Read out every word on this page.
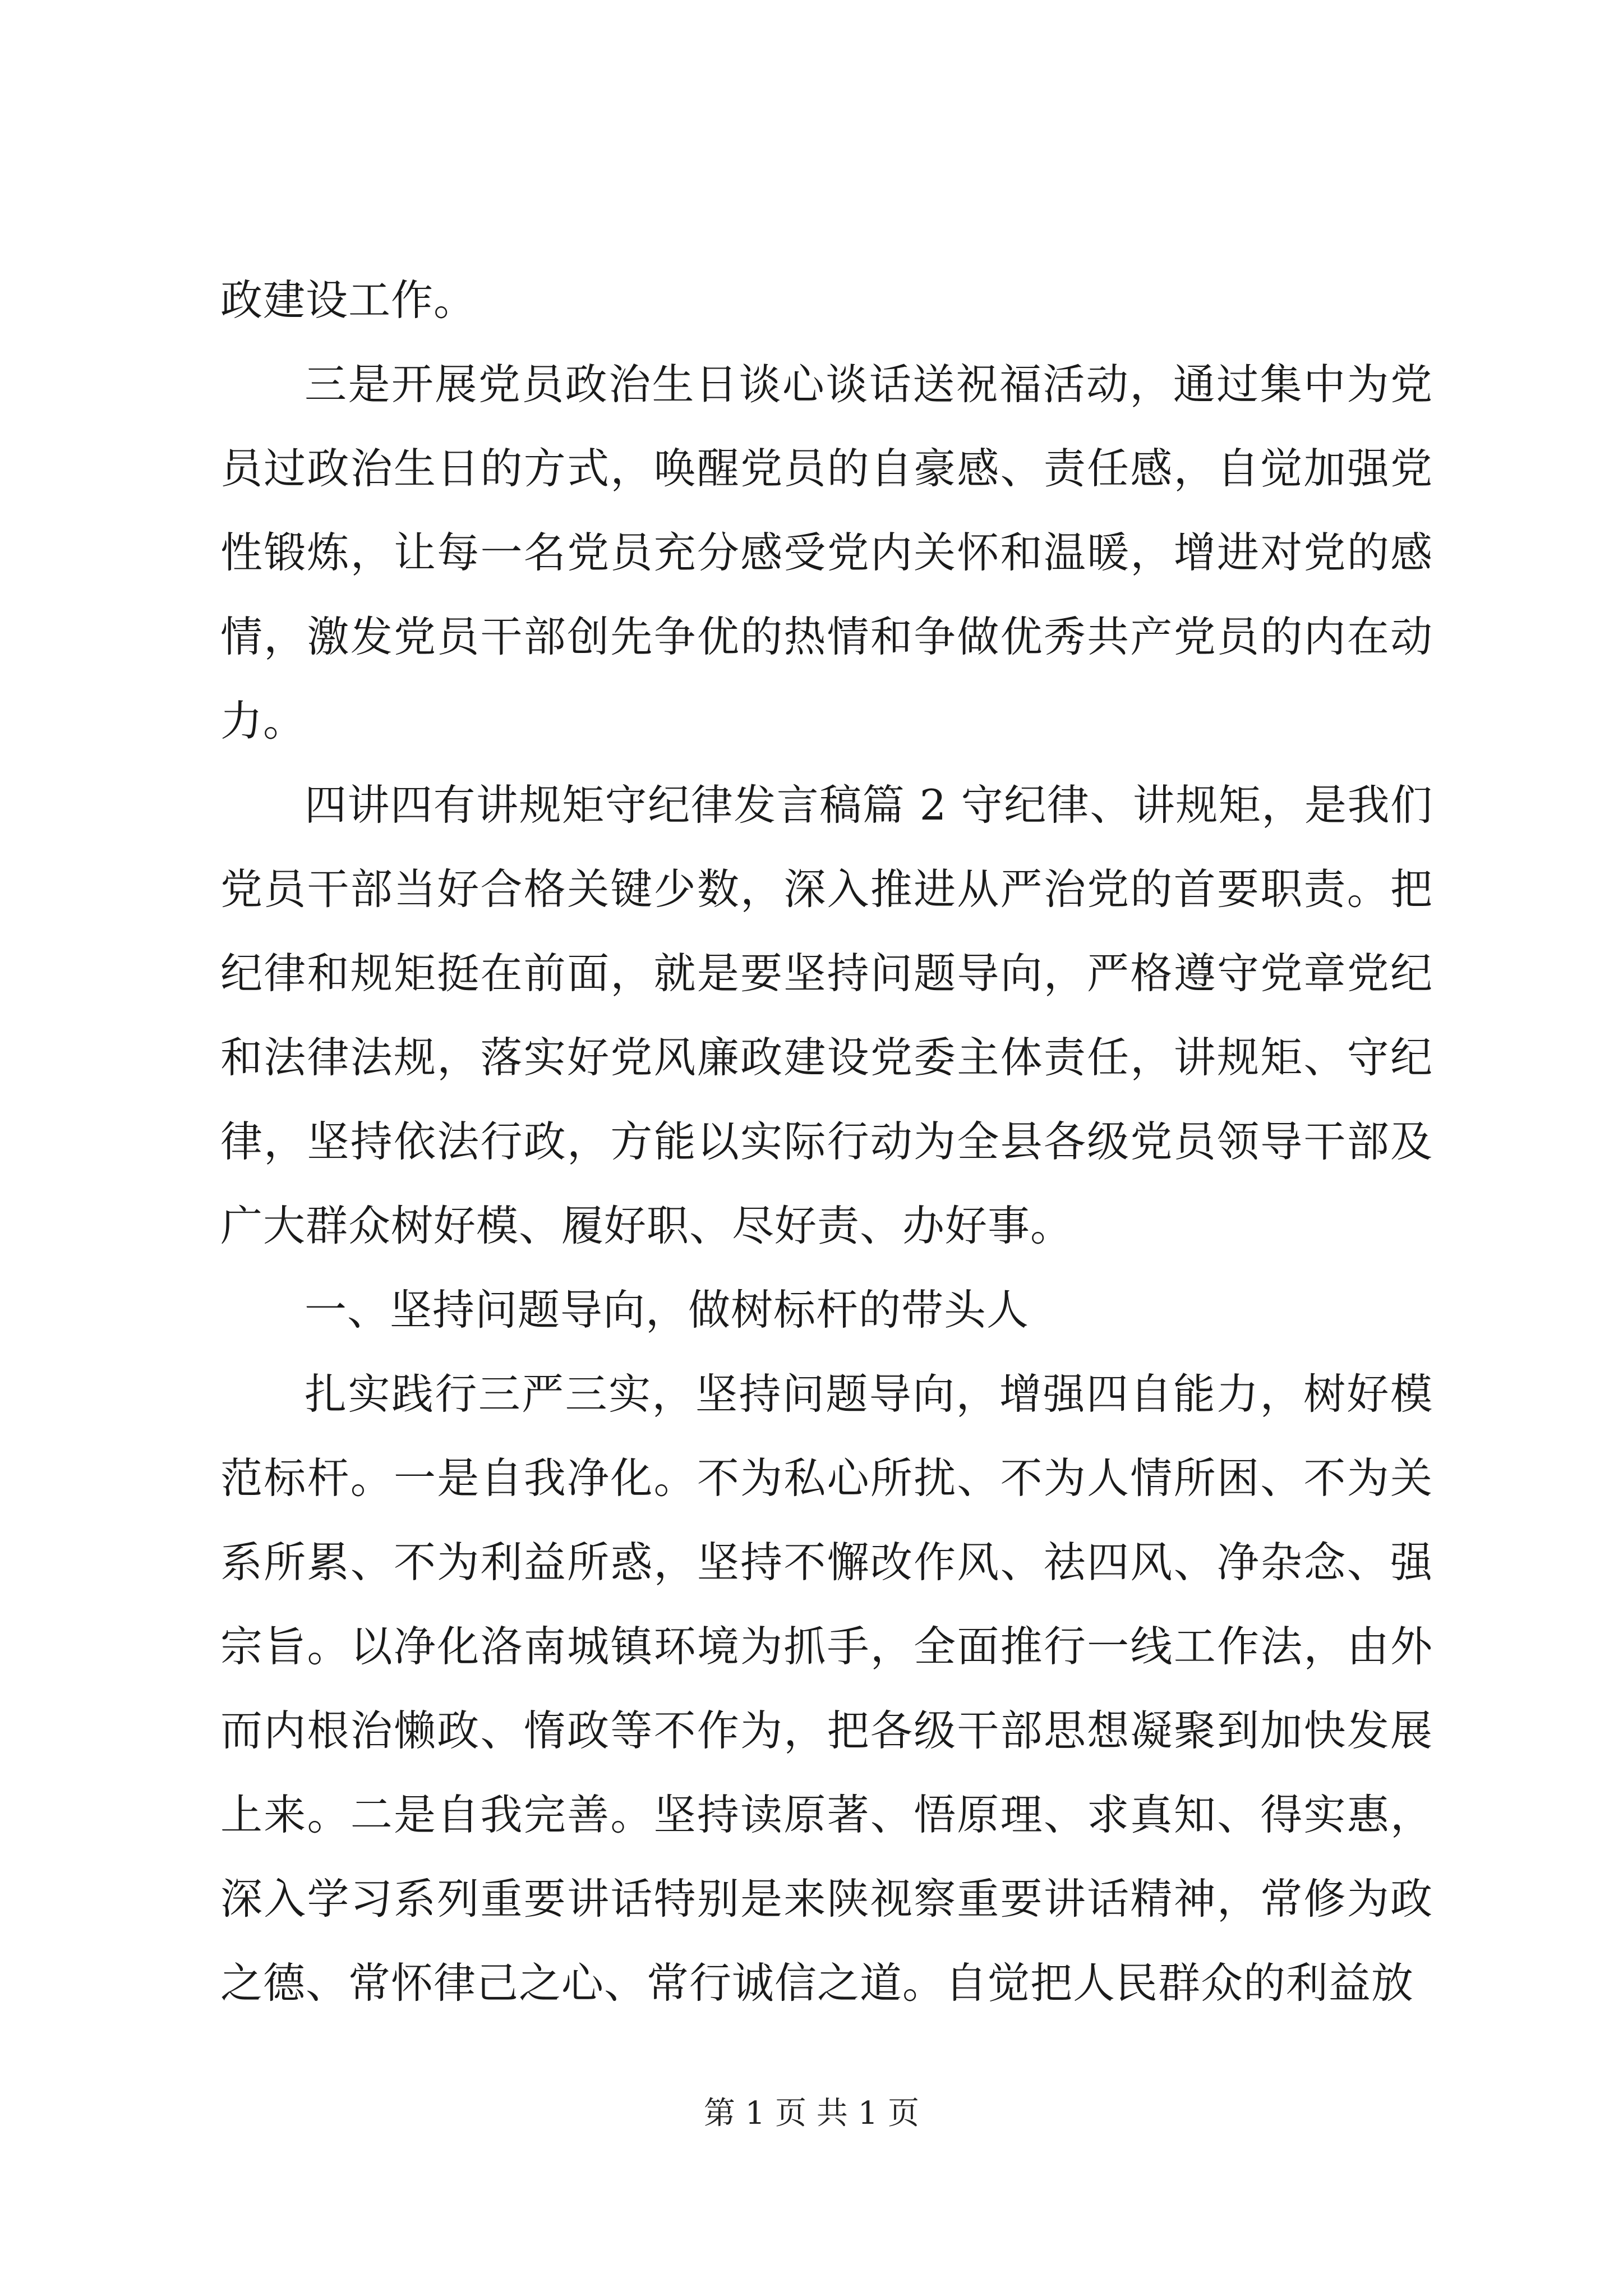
政建设工作。

三是开展党员政治生日谈心谈话送祝福活动，通过集中为党员过政治生日的方式，唤醒党员的自豪感、责任感，自觉加强党性锻炼，让每一名党员充分感受党内关怀和温暖，增进对党的感情，激发党员干部创先争优的热情和争做优秀共产党员的内在动力。

四讲四有讲规矩守纪律发言稿篇 2 守纪律、讲规矩，是我们党员干部当好合格关键少数，深入推进从严治党的首要职责。把纪律和规矩挺在前面，就是要坚持问题导向，严格遵守党章党纪和法律法规，落实好党风廉政建设党委主体责任，讲规矩、守纪律，坚持依法行政，方能以实际行动为全县各级党员领导干部及广大群众树好模、履好职、尽好责、办好事。

一、坚持问题导向，做树标杆的带头人

扎实践行三严三实，坚持问题导向，增强四自能力，树好模范标杆。一是自我净化。不为私心所扰、不为人情所困、不为关系所累、不为利益所惑，坚持不懈改作风、祛四风、净杂念、强宗旨。以净化洛南城镇环境为抓手，全面推行一线工作法，由外而内根治懒政、惰政等不作为，把各级干部思想凝聚到加快发展上来。二是自我完善。坚持读原著、悟原理、求真知、得实惠，深入学习系列重要讲话特别是来陕视察重要讲话精神，常修为政之德、常怀律己之心、常行诚信之道。自觉把人民群众的利益放

第 1 页 共 1 页
